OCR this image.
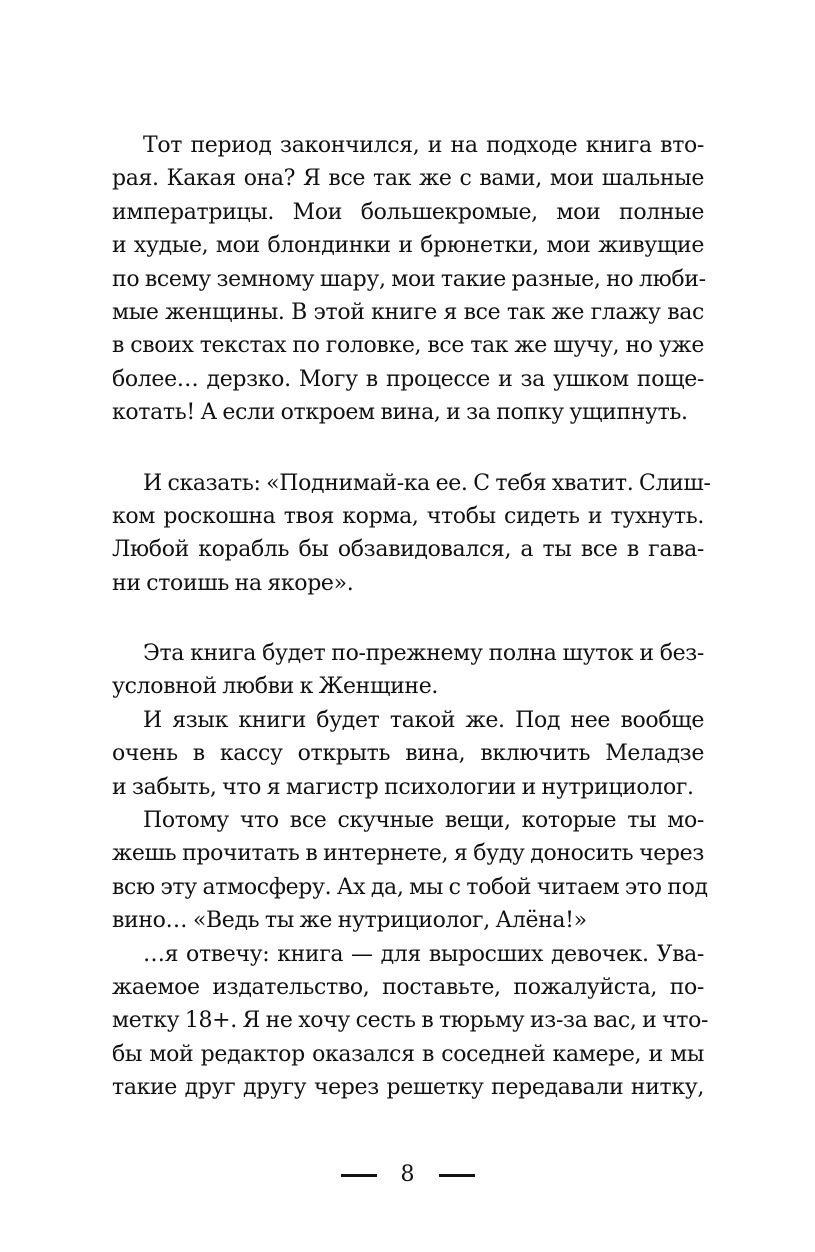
Тот период закончился, и на подходе книга вто-
рая. Какая она? Я все так же с вами, мои шальные
императрицы. Мои большекромые, мои полные
и худые, мои блондинки и брюнетки, мои живущие
по всему земному шару, мои такие разные, но люби-
мые женщины. В этой книге я все так же глажу вас
в своих текстах по головке, все так же шучу, но уже
более… дерзко. Могу в процессе и за ушком поще-
котать! А если откроем вина, и за попку ущипнуть.
И сказать: «Поднимай-ка ее. С тебя хватит. Слиш-
ком роскошна твоя корма, чтобы сидеть и тухнуть.
Любой корабль бы обзавидовался, а ты все в гава-
ни стоишь на якоре».
Эта книга будет по-прежнему полна шуток и без-
условной любви к Женщине.
И язык книги будет такой же. Под нее вообще
очень в кассу открыть вина, включить Меладзе
и забыть, что я магистр психологии и нутрициолог.
Потому что все скучные вещи, которые ты мо-
жешь прочитать в интернете, я буду доносить через
всю эту атмосферу. Ах да, мы с тобой читаем это под
вино… «Ведь ты же нутрициолог, Алёна!»
…я отвечу: книга — для выросших девочек. Ува-
жаемое издательство, поставьте, пожалуйста, по-
метку 18+. Я не хочу сесть в тюрьму из-за вас, и что-
бы мой редактор оказался в соседней камере, и мы
такие друг другу через решетку передавали нитку,
8
